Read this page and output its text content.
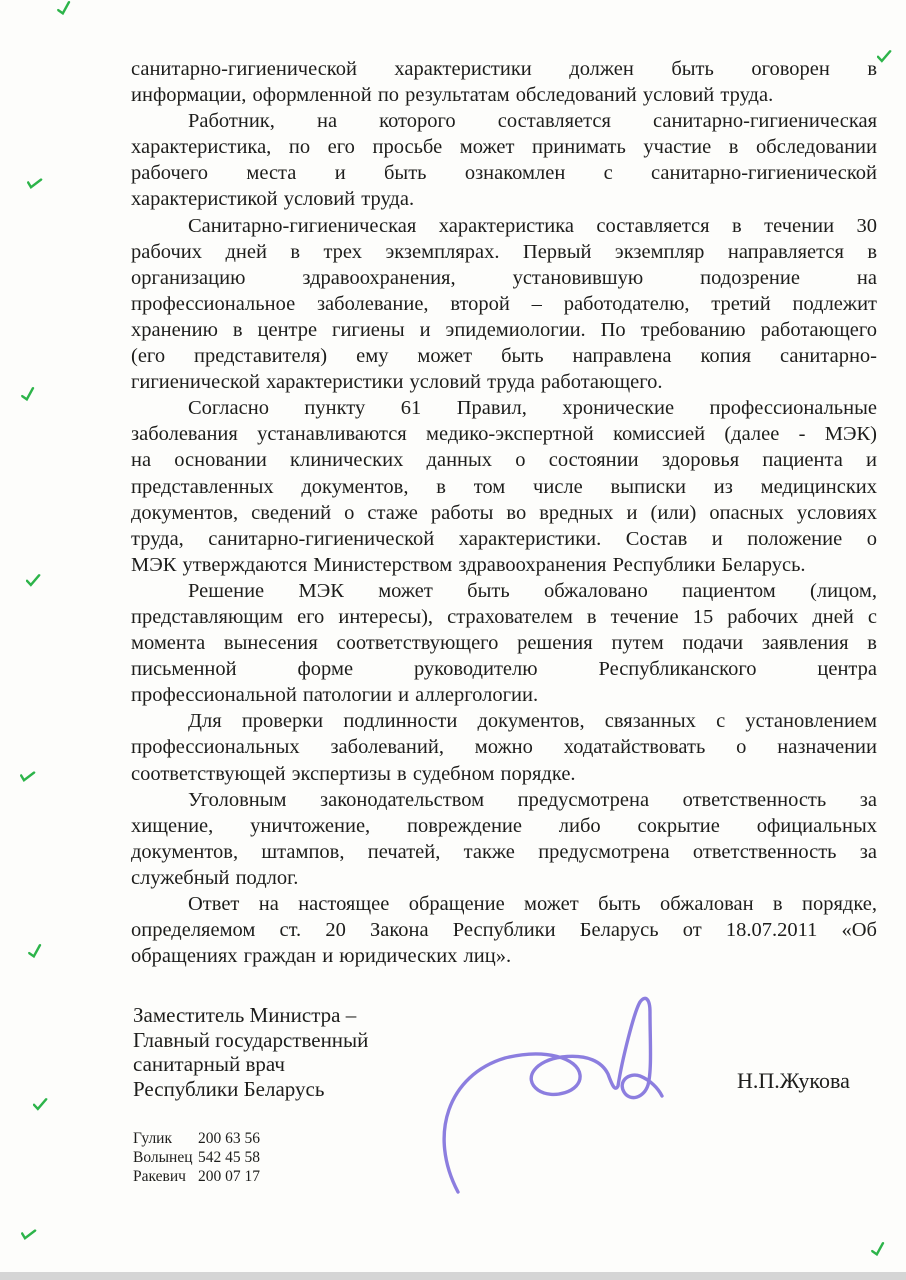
санитарно-гигиенической характеристики должен быть оговорен в
информации, оформленной по результатам обследований условий труда.
Работник, на которого составляется санитарно-гигиеническая
характеристика, по его просьбе может принимать участие в обследовании
рабочего места и быть ознакомлен с санитарно-гигиенической
характеристикой условий труда.
Санитарно-гигиеническая характеристика составляется в течении 30
рабочих дней в трех экземплярах. Первый экземпляр направляется в
организацию здравоохранения, установившую подозрение на
профессиональное заболевание, второй – работодателю, третий подлежит
хранению в центре гигиены и эпидемиологии. По требованию работающего
(его представителя) ему может быть направлена копия санитарно-
гигиенической характеристики условий труда работающего.
Согласно пункту 61 Правил, хронические профессиональные
заболевания устанавливаются медико-экспертной комиссией (далее - МЭК)
на основании клинических данных о состоянии здоровья пациента и
представленных документов, в том числе выписки из медицинских
документов, сведений о стаже работы во вредных и (или) опасных условиях
труда, санитарно-гигиенической характеристики. Состав и положение о
МЭК утверждаются Министерством здравоохранения Республики Беларусь.
Решение МЭК может быть обжаловано пациентом (лицом,
представляющим его интересы), страхователем в течение 15 рабочих дней с
момента вынесения соответствующего решения путем подачи заявления в
письменной форме руководителю Республиканского центра
профессиональной патологии и аллергологии.
Для проверки подлинности документов, связанных с установлением
профессиональных заболеваний, можно ходатайствовать о назначении
соответствующей экспертизы в судебном порядке.
Уголовным законодательством предусмотрена ответственность за
хищение, уничтожение, повреждение либо сокрытие официальных
документов, штампов, печатей, также предусмотрена ответственность за
служебный подлог.
Ответ на настоящее обращение может быть обжалован в порядке,
определяемом ст. 20 Закона Республики Беларусь от 18.07.2011 «Об
обращениях граждан и юридических лиц».
Заместитель Министра –
Главный государственный
санитарный врач
Республики Беларусь	Н.П.Жукова
Гулик	200 63 56
Волынец 542 45 58
Ракевич 200 07 17
